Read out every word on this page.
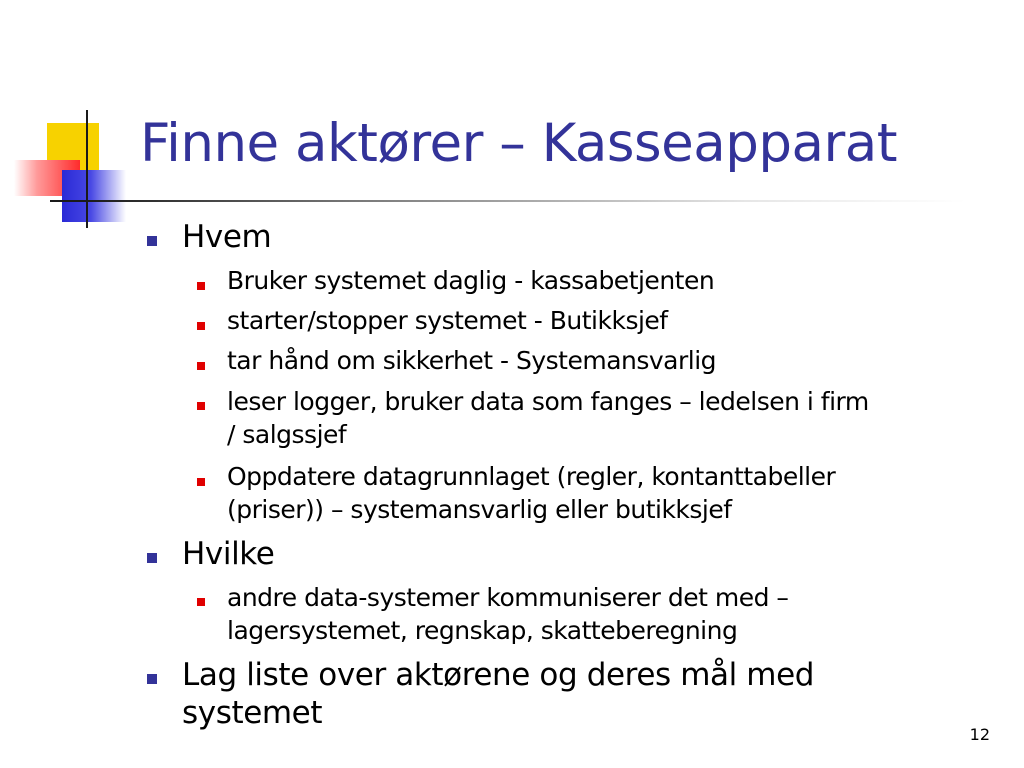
Finne aktører – Kasseapparat
Hvem
Bruker systemet daglig - kassabetjenten
starter/stopper systemet - Butikksjef
tar hånd om sikkerhet - Systemansvarlig
leser logger, bruker data som fanges – ledelsen i firm
/ salgssjef
Oppdatere datagrunnlaget (regler, kontanttabeller
(priser)) – systemansvarlig eller butikksjef
Hvilke
andre data-systemer kommuniserer det med –
lagersystemet, regnskap, skatteberegning
Lag liste over aktørene og deres mål med
systemet
12
